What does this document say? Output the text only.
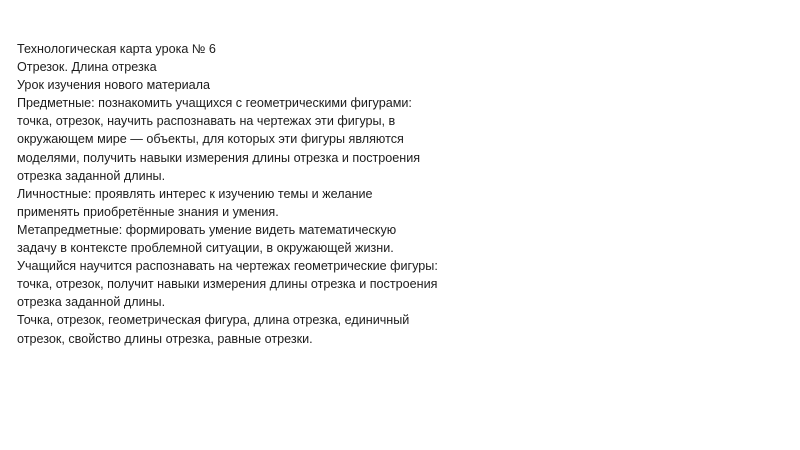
Технологическая карта урока № 6
Отрезок. Длина отрезка
Урок изучения нового материала
Предметные: познакомить учащихся с геометрическими фигурами:
точка, отрезок, научить распознавать на чертежах эти фигуры, в
окружающем мире — объекты, для которых эти фигуры являются
моделями, получить навыки измерения длины отрезка и построения
отрезка заданной длины.
Личностные: проявлять интерес к изучению темы и желание
применять приобретённые знания и умения.
Метапредметные: формировать умение видеть математическую
задачу в контексте проблемной ситуации, в окружающей жизни.
Учащийся научится распознавать на чертежах геометрические фигуры:
точка, отрезок, получит навыки измерения длины отрезка и построения
отрезка заданной длины.
Точка, отрезок, геометрическая фигура, длина отрезка, единичный
отрезок, свойство длины отрезка, равные отрезки.
